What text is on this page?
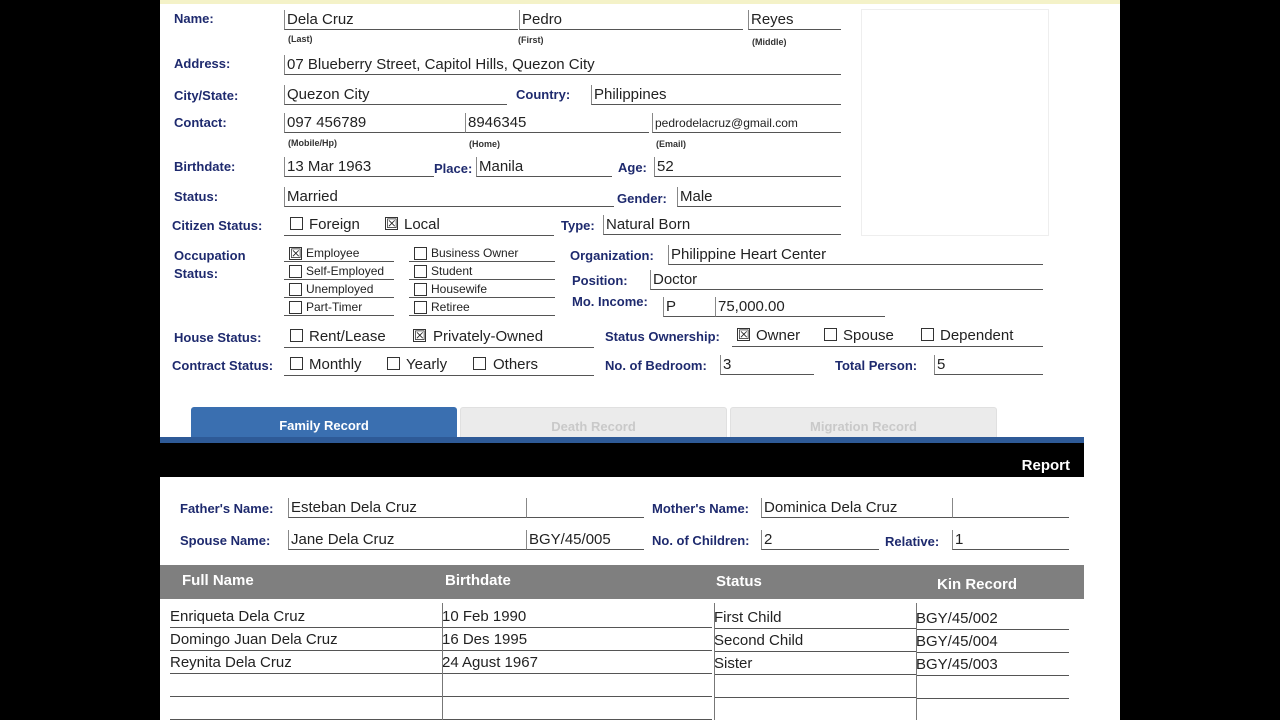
Name:	Dela Cruz	Pedro	Reyes
(Last)	(First)	(Middle)
Address:	07 Blueberry Street, Capitol Hills, Quezon City
City/State:	Quezon City	Country: Philippines
Contact:	097 456789	8946345	pedrodelacruz@gmail.com
(Mobile/Hp)	(Home)	(Email)
Birthdate:	13 Mar 1963	Place: Manila	Age: 52
Status:	Married	Gender: Male
Citizen Status:	Foreign ☒ Local	Type: Natural Born
Occupation
Status:
☒ Employee
Self-Employed
Unemployed
Part-Timer
Business Owner
Student
Housewife
Retiree
Organization: Philippine Heart Center
Position: Doctor
Mo. Income: P	75,000.00
House Status:	Rent/Lease ☒ Privately-Owned	Status Ownership: ☒ Owner	Spouse	Dependent
Contract Status: Monthly	Yearly	Others	No. of Bedroom: 3	Total Person: 5
Family Record	Death Record	Migration Record
Report
Father's Name: Esteban Dela Cruz	Mother's Name: Dominica Dela Cruz
Spouse Name: Jane Dela Cruz	BGY/45/005	No. of Children: 2	Relative: 1
Full Name	Birthdate	Status	Kin Record
Enriqueta Dela Cruz	10 Feb 1990	First Child	BGY/45/002
Domingo Juan Dela Cruz	16 Des 1995	Second Child	BGY/45/004
Reynita Dela Cruz	24 Agust 1967	Sister	BGY/45/003
